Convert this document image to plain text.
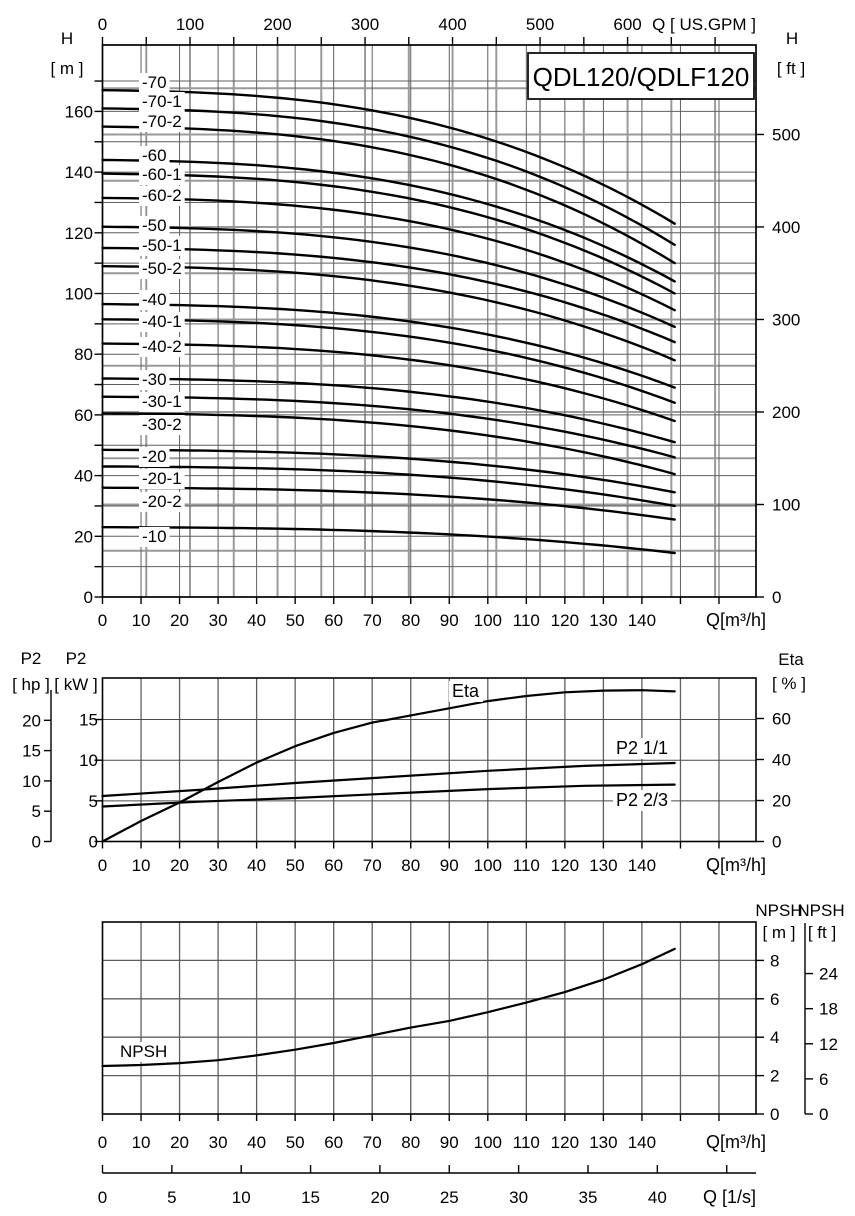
0 10 20 30 40 50 60 70 80 90 100 110 120 130 140	Q[m³/h]
0	100	200	300	400	500	600 Q [ US.GPM ]
0
20
40
60
80
100
120
140
160
H
[ m ]
0
100
200
300
400
500
H
[ ft ]
-70
-70-1
-70-2
-60
-60-1
-60-2
-50
-50-1
-50-2
-40
-40-1
-40-2
-30
-30-1
-30-2
-20
-20-1
-20-2
-10
QDL120/QDLF120
0 10 20 30 40 50 60 70 80 90 100 110 120 130 140	Q[m³/h]
0
5
10
15
P2
[ kW ]
0
5
10
15
20
P2
[ hp ]
0
20
40
60
Eta
[ % ]
Eta
P2 1/1
P2 2/3
0 10 20 30 40 50 60 70 80 90 100 110 120 130 140	Q[m³/h]
0
2
4
6
8
NPSH
[ m ]
0
6
12
18
24
NPSH
[ ft ]
NPSH
0	5	10	15	20	25	30	35	40 Q [1/s]
